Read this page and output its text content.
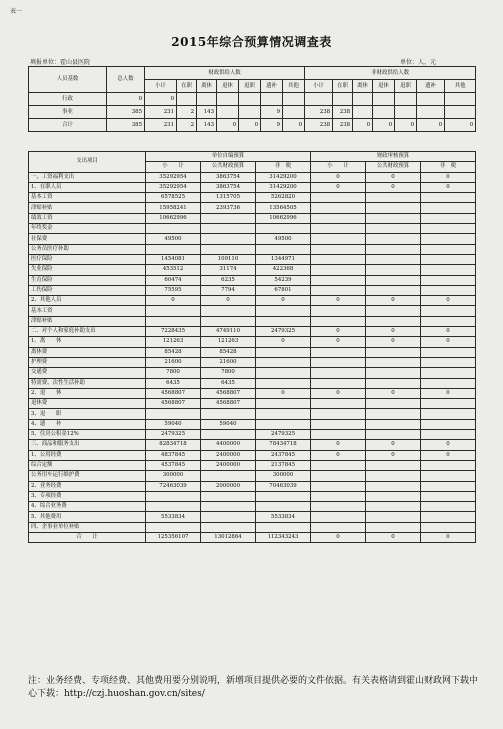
表一
2015年综合预算情况调查表
填报单位：霍山县医院	单位：人、元
人员基数	总人数	财政供给人数							非财政供给人数						
		小计	在职	离休	退休	退职	遗补	其他	小计	在职	离休	退休	退职	遗补	其他
行政	0	0													
事业	385	231	2	143			9		238	238					
合计	385	231	2	143	0	0	9	0	238	238	0	0	0	0	0
支出项目	单位自编预算			财政审核预算		
	小　　计	公共财政预算	非　税	小　　计	公共财政预算	非　税
一、工资福利支出	35292954	3863754	31429200	0	0	0
1、在职人员	35292954	3863754	31429200	0	0	0
基本工资	6578525	1315705	5262820			
津贴补贴	15958241	2393736	13564505			
绩效工资	10662996		10662996			
年终奖金						
社保费	49500		49500			
公务员医疗补助						
医疗保险	1454081	109110	1344971			
失业保险	453512	31174	422368			
生育保险	60474	6235	54239			
工伤保险	75595	7794	67801			
2、其他人员	0	0	0	0	0	0
基本工资						
津贴补贴						
二、对个人和家庭补助支出	7228435	4749110	2479325	0	0	0
1、离　　休	121263	121263	0	0	0	0
离休费	85428	85428				
护理费	21600	21600				
交通费	7800	7800				
特需费、次性生活补助	6435	6435				
2、退　　休	4568807	4568807	0	0	0	0
退休费	4568807	4568807				
3、退　　职						
4、遗　　补	59040	59040				
5、住房公积金12%	2479325		2479325			
三、商品和服务支出	82834718	4400000	78434718	0	0	0
1、公用经费	4837845	2400000	2437845	0	0	0
综合定额	4537845	2400000	2137845			
公务用车运行维护费	300000		300000			
2、业务经费	72463039	2000000	70463039			
3、专项经费						
4、综合业务费						
5、其他费用	5533834		5533834			
四、企事业单位补贴						
合　　计	125356107	13012864	112343243	0	0	0
注：业务经费、专项经费、其他费用要分别说明，新增项目提供必要的文件依据。有关表格请到霍山财政网下载中心下载：http://czj.huoshan.gov.cn/sites/
